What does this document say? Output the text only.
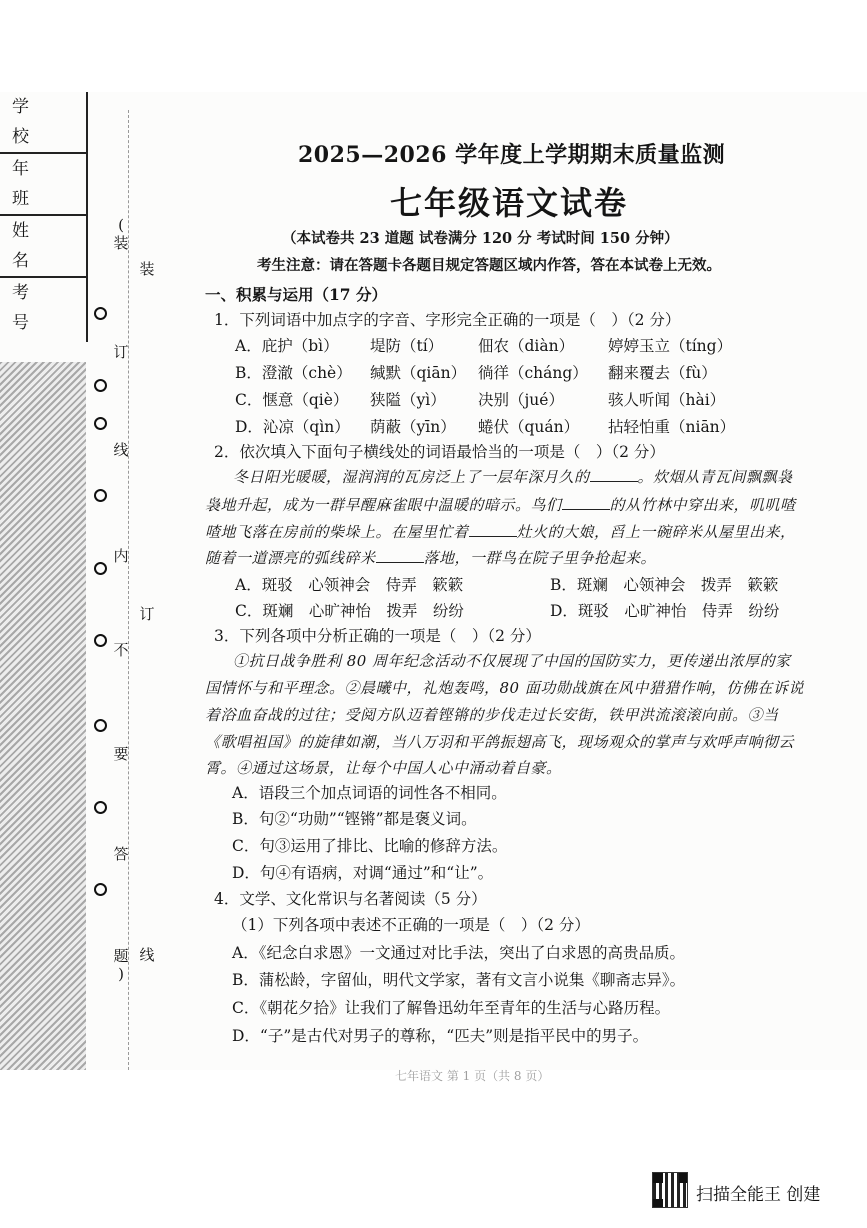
学 校
年 班
姓 名
考 号
(
装
订
线
内
不
要
答
题
)
装
订
线
2025—2026 学年度上学期期末质量监测
七年级语文试卷
（本试卷共 23 道题 试卷满分 120 分 考试时间 150 分钟）
考生注意：请在答题卡各题目规定答题区域内作答，答在本试卷上无效。
一、积累与运用（17 分）
1．下列词语中加点字的字音、字形完全正确的一项是（　）（2 分）
A．庇护（bì） 堤防（tí） 佃农（diàn） 婷婷玉立（tíng）
B．澄澈（chè） 缄默（qiān） 徜徉（cháng） 翻来覆去（fù）
C．惬意（qiè） 狭隘（yì） 决别（jué）	骇人听闻（hài）
D．沁凉（qìn） 荫蔽（yīn） 蜷伏（quán） 拈轻怕重（niān）
2．依次填入下面句子横线处的词语最恰当的一项是（　）（2 分）
冬日阳光暖暖，湿润润的瓦房泛上了一层年深月久的	。炊烟从青瓦间飘飘袅
袅地升起，成为一群早醒麻雀眼中温暖的暗示。鸟们	的从竹林中穿出来，叽叽喳
喳地飞落在房前的柴垛上。在屋里忙着	灶火的大娘，舀上一碗碎米从屋里出来，
随着一道漂亮的弧线碎米	落地，一群鸟在院子里争抢起来。
A．斑驳　心领神会　侍弄　簌簌	B．斑斓　心领神会　拨弄　簌簌
C．斑斓　心旷神怡　拨弄　纷纷	D．斑驳　心旷神怡　侍弄　纷纷
3．下列各项中分析正确的一项是（　）（2 分）
①抗日战争胜利 80 周年纪念活动不仅展现了中国的国防实力，更传递出浓厚的家
国情怀与和平理念。②晨曦中，礼炮轰鸣，80 面功勋战旗在风中猎猎作响，仿佛在诉说
着浴血奋战的过往；受阅方队迈着铿锵的步伐走过长安街，铁甲洪流滚滚向前。③当
《歌唱祖国》的旋律如潮，当八万羽和平鸽振翅高飞，现场观众的掌声与欢呼声响彻云
霄。④通过这场景，让每个中国人心中涌动着自豪。
A．语段三个加点词语的词性各不相同。
B．句②“功勋”“铿锵”都是褒义词。
C．句③运用了排比、比喻的修辞方法。
D．句④有语病，对调“通过”和“让”。
4．文学、文化常识与名著阅读（5 分）
（1）下列各项中表述不正确的一项是（　）（2 分）
A．《纪念白求恩》一文通过对比手法，突出了白求恩的高贵品质。
B．蒲松龄，字留仙，明代文学家，著有文言小说集《聊斋志异》。
C．《朝花夕拾》让我们了解鲁迅幼年至青年的生活与心路历程。
D．“子”是古代对男子的尊称，“匹夫”则是指平民中的男子。
七年语文 第 1 页（共 8 页）
扫描全能王 创建
